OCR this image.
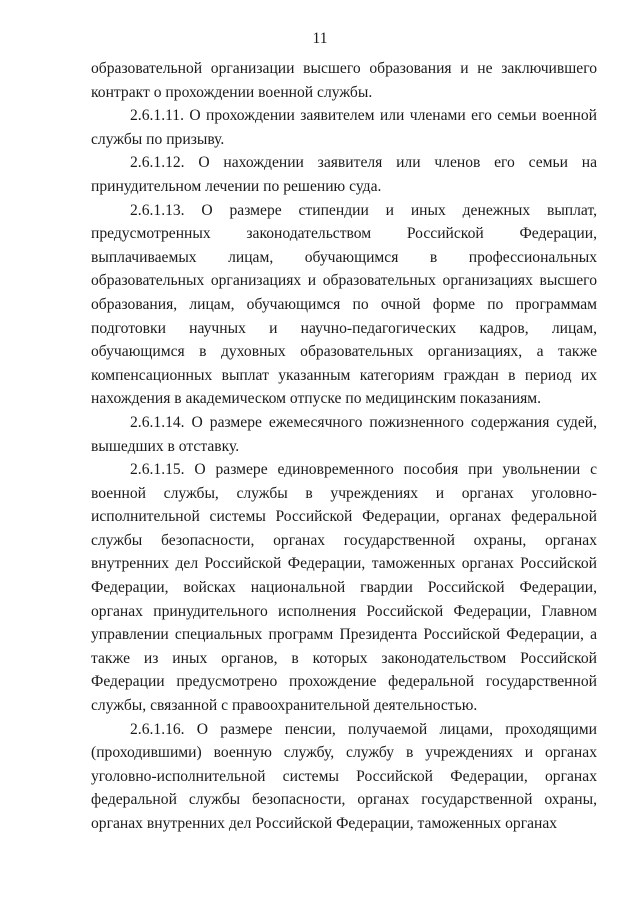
11

образовательной организации высшего образования и не заключившего контракт о прохождении военной службы.

2.6.1.11. О прохождении заявителем или членами его семьи военной службы по призыву.

2.6.1.12. О нахождении заявителя или членов его семьи на принудительном лечении по решению суда.

2.6.1.13. О размере стипендии и иных денежных выплат, предусмотренных законодательством Российской Федерации, выплачиваемых лицам, обучающимся в профессиональных образовательных организациях и образовательных организациях высшего образования, лицам, обучающимся по очной форме по программам подготовки научных и научно-педагогических кадров, лицам, обучающимся в духовных образовательных организациях, а также компенсационных выплат указанным категориям граждан в период их нахождения в академическом отпуске по медицинским показаниям.

2.6.1.14. О размере ежемесячного пожизненного содержания судей, вышедших в отставку.

2.6.1.15. О размере единовременного пособия при увольнении с военной службы, службы в учреждениях и органах уголовно-исполнительной системы Российской Федерации, органах федеральной службы безопасности, органах государственной охраны, органах внутренних дел Российской Федерации, таможенных органах Российской Федерации, войсках национальной гвардии Российской Федерации, органах принудительного исполнения Российской Федерации, Главном управлении специальных программ Президента Российской Федерации, а также из иных органов, в которых законодательством Российской Федерации предусмотрено прохождение федеральной государственной службы, связанной с правоохранительной деятельностью.

2.6.1.16. О размере пенсии, получаемой лицами, проходящими (проходившими) военную службу, службу в учреждениях и органах уголовно-исполнительной системы Российской Федерации, органах федеральной службы безопасности, органах государственной охраны, органах внутренних дел Российской Федерации, таможенных органах
